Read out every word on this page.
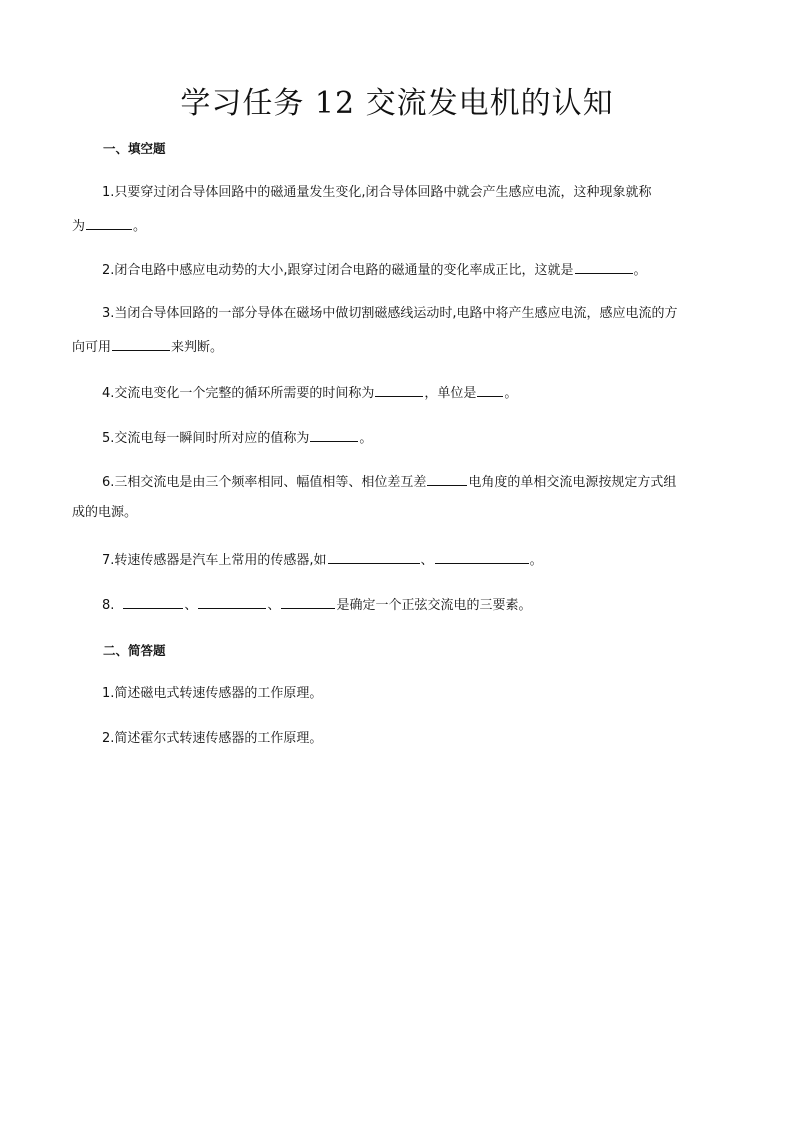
学习任务 12 交流发电机的认知
一、填空题
1.只要穿过闭合导体回路中的磁通量发生变化,闭合导体回路中就会产生感应电流，这种现象就称
为	。
2.闭合电路中感应电动势的大小,跟穿过闭合电路的磁通量的变化率成正比，这就是	。
3.当闭合导体回路的一部分导体在磁场中做切割磁感线运动时,电路中将产生感应电流，感应电流的方
向可用	来判断。
4.交流电变化一个完整的循环所需要的时间称为	，单位是 。
5.交流电每一瞬间时所对应的值称为	。
6.三相交流电是由三个频率相同、幅值相等、相位差互差	电角度的单相交流电源按规定方式组
成的电源。
7.转速传感器是汽车上常用的传感器,如	、	。
8.	、	、	是确定一个正弦交流电的三要素。
二、简答题
1.简述磁电式转速传感器的工作原理。
2.简述霍尔式转速传感器的工作原理。
